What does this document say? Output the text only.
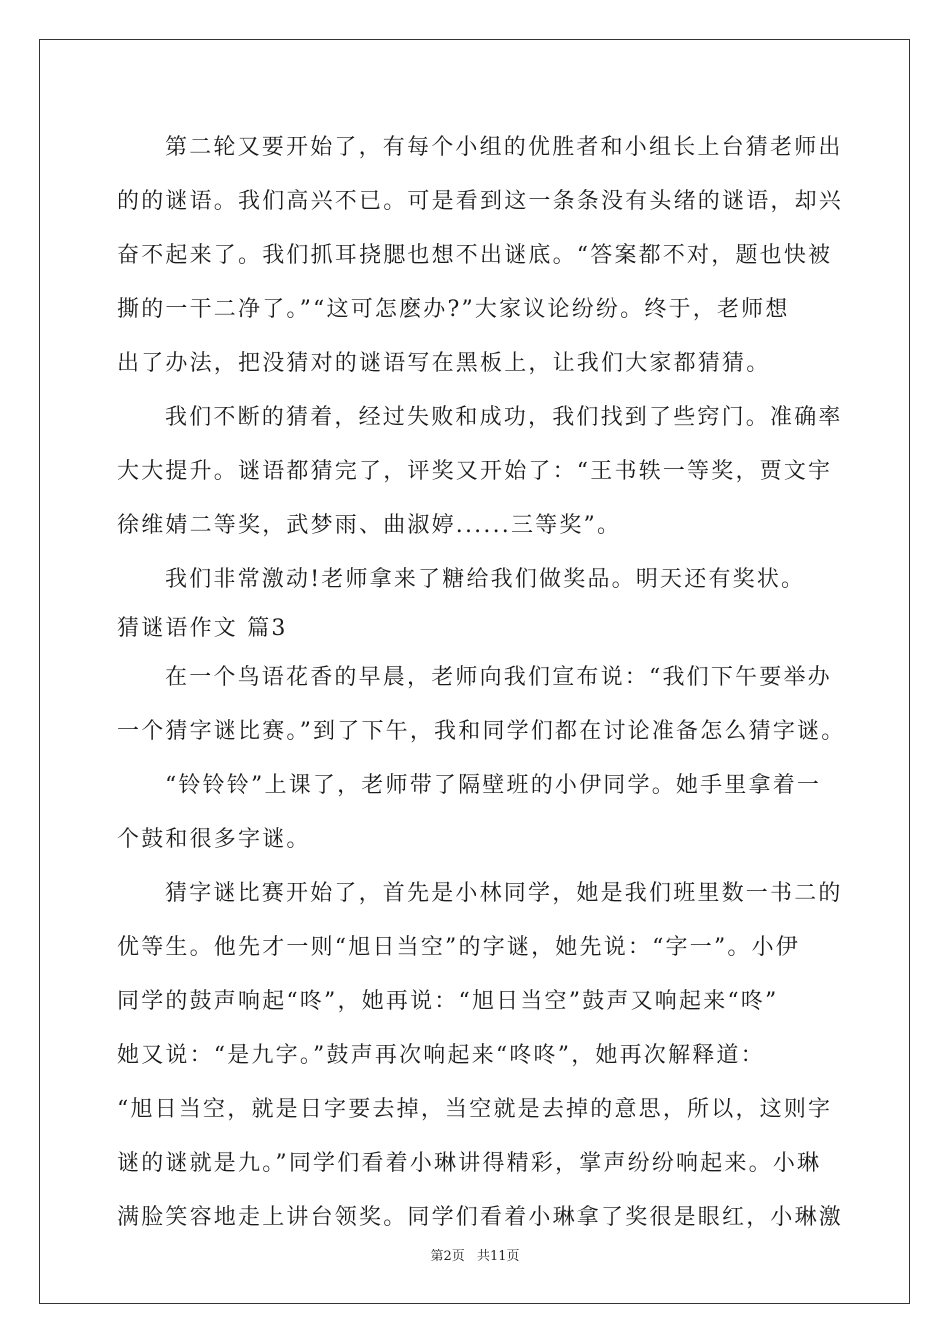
第二轮又要开始了，有每个小组的优胜者和小组长上台猜老师出
的的谜语。我们高兴不已。可是看到这一条条没有头绪的谜语，却兴
奋不起来了。我们抓耳挠腮也想不出谜底。“答案都不对，题也快被
撕的一干二净了。”“这可怎麽办?”大家议论纷纷。终于，老师想
出了办法，把没猜对的谜语写在黑板上，让我们大家都猜猜。
我们不断的猜着，经过失败和成功，我们找到了些窍门。准确率
大大提升。谜语都猜完了，评奖又开始了：“王书轶一等奖，贾文宇
徐维婧二等奖，武梦雨、曲淑婷......三等奖”。
我们非常激动!老师拿来了糖给我们做奖品。明天还有奖状。
猜谜语作文 篇3
在一个鸟语花香的早晨，老师向我们宣布说：“我们下午要举办
一个猜字谜比赛。”到了下午，我和同学们都在讨论准备怎么猜字谜。
“铃铃铃”上课了，老师带了隔壁班的小伊同学。她手里拿着一
个鼓和很多字谜。
猜字谜比赛开始了，首先是小林同学，她是我们班里数一书二的
优等生。他先才一则“旭日当空”的字谜，她先说：“字一”。小伊
同学的鼓声响起“咚”，她再说：“旭日当空”鼓声又响起来“咚”
她又说：“是九字。”鼓声再次响起来“咚咚”，她再次解释道：
“旭日当空，就是日字要去掉，当空就是去掉的意思，所以，这则字
谜的谜就是九。”同学们看着小琳讲得精彩，掌声纷纷响起来。小琳
满脸笑容地走上讲台领奖。同学们看着小琳拿了奖很是眼红，小琳激
第2页 共11页
